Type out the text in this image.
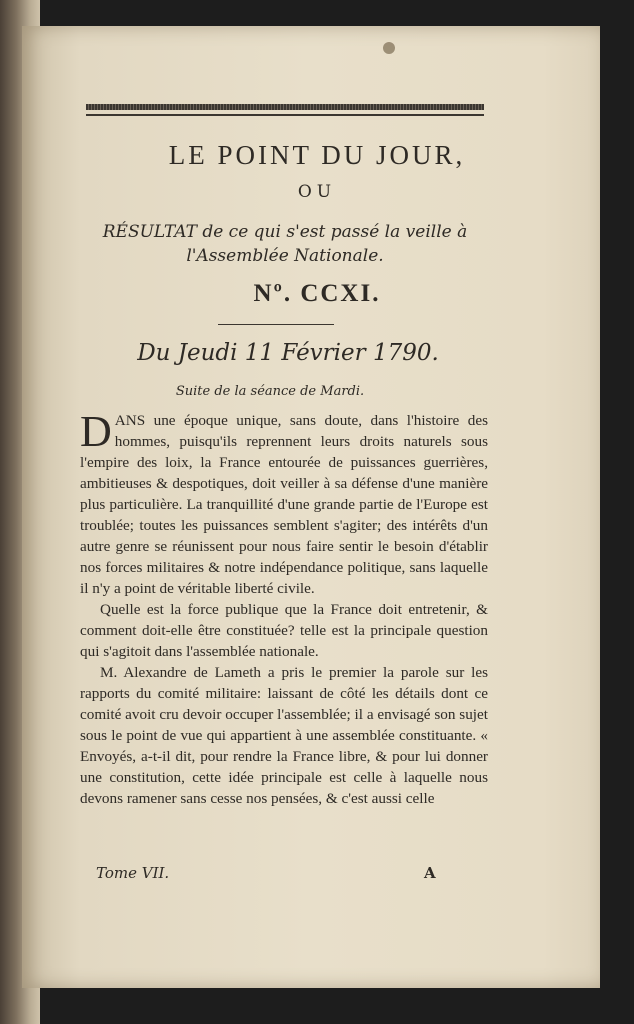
LE POINT DU JOUR,
OU
RÉSULTAT de ce qui s'est passé la veille à l'Assemblée Nationale.
Nº. CCXI.
Du Jeudi 11 Février 1790.
Suite de la séance de Mardi.

DANS une époque unique, sans doute, dans l'histoire des hommes, puisqu'ils reprennent leurs droits naturels sous l'empire des loix, la France entourée de puissances guerrières, ambitieuses & despotiques, doit veiller à sa défense d'une manière plus particulière. La tranquillité d'une grande partie de l'Europe est troublée; toutes les puissances semblent s'agiter; des intérêts d'un autre genre se réunissent pour nous faire sentir le besoin d'établir nos forces militaires & notre indépendance politique, sans laquelle il n'y a point de véritable liberté civile.

Quelle est la force publique que la France doit entretenir, & comment doit-elle être constituée? telle est la principale question qui s'agitoit dans l'assemblée nationale.

M. Alexandre de Lameth a pris le premier la parole sur les rapports du comité militaire: laissant de côté les détails dont ce comité avoit cru devoir occuper l'assemblée; il a envisagé son sujet sous le point de vue qui appartient à une assemblée constituante. « Envoyés, a-t-il dit, pour rendre la France libre, & pour lui donner une constitution, cette idée principale est celle à laquelle nous devons ramener sans cesse nos pensées, & c'est aussi celle

Tome VII.	A
